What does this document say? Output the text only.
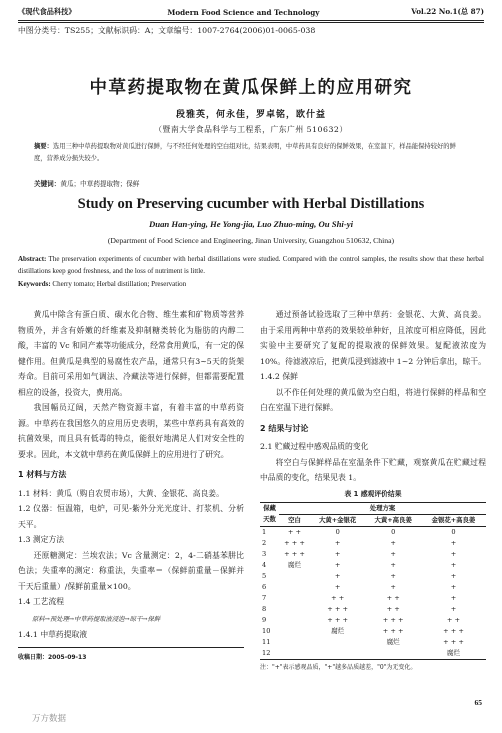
《现代食品科技》	Modern Food Science and Technology	Vol.22 No.1(总 87)
中图分类号：TS255；文献标识码：A；文章编号：1007-2764(2006)01-0065-038
中草药提取物在黄瓜保鲜上的应用研究
段雅英，何永佳，罗卓铭，欧什益
（暨南大学食品科学与工程系，广东广州 510632）
摘要：选用三种中草药提取物对黄瓜进行保鲜，与不经任何处理的空白组对比，结果表明，中草药具有良好的保鲜效果，在室温下，样品能保持较好的鲜度，营养成分损失较少。
关键词：黄瓜；中草药提取物；保鲜
Study on Preserving cucumber with Herbal Distillations
Duan Han-ying, He Yong-jia, Luo Zhuo-ming, Ou Shi-yi
(Department of Food Science and Engineering, Jinan University, Guangzhou 510632, China)
Abstract: The preservation experiments of cucumber with herbal distillations were studied. Compared with the control samples, the results show that these herbal distillations keep good freshness, and the loss of nutriment is little.
Keywords: Cherry tomato; Herbal distillation; Preservation

黄瓜中除含有蛋白质、碳水化合物、维生素和矿物质等营养物质外，并含有娇嫩的纤维素及抑制糖类转化为脂肪的内醇二酸，丰富的 Vc 和同产素等功能成分，经常食用黄瓜，有一定的保健作用。但黄瓜是典型的易腐性农产品，通常只有3~5天的货架寿命。目前可采用如气调法、冷藏法等进行保鲜，但都需要配置相应的设备，投资大，费用高。

我国幅员辽阔，天然产物资源丰富，有着丰富的中草药资源。中草药在我国悠久的应用历史表明，某些中草药具有高效的抗菌效果，而且具有低毒的特点，能很好地满足人们对安全性的要求。因此，本文就中草药在黄瓜保鲜上的应用进行了研究。

1 材料与方法

1.1 材料：黄瓜（购自农贸市场），大黄、金银花、高良姜。

1.2 仪器：恒温箱，电炉，可见-紫外分光光度计、打浆机、分析天平。

1.3 测定方法

还原糖测定：兰埃农法；Vc 含量测定：2，4-二硝基苯肼比色法；失重率的测定：称重法，失重率＝（保鲜前重量－保鲜并干天后重量）/保鲜前重量×100。

1.4 工艺流程

原料→预处理→中草药提取液浸泡→晾干→保鲜

1.4.1 中草药提取液

收稿日期：2005-09-13

通过预备试验选取了三种中草药：金银花、大黄、高良姜。由于采用两种中草药的效果较单种好，且浓度可相应降低，因此实验中主要研究了复配的提取液的保鲜效果。复配液浓度为 10%。待滤液凉后，把黄瓜浸到滤液中 1~2 分钟后拿出，晾干。

1.4.2 保鲜

以不作任何处理的黄瓜做为空白组，将进行保鲜的样品和空白在室温下进行保鲜。

2 结果与讨论

2.1 贮藏过程中感观品质的变化

将空白与保鲜样品在室温条件下贮藏，观察黄瓜在贮藏过程中品质的变化，结果见表 1。

表 1 感观评价结果
保藏	处理方案			
天数	空白	大黄+金银花	大黄+高良姜	金银花+高良姜
1	+ +	0	0	0
2	+ + +	+	+	+
3	+ + +	+	+	+
4	腐烂	+	+	+
5		+	+	+
6		+	+	+
7		+ +	+ +	+
8		+ + +	+ +	+
9		+ + +	+ + +	+ +
10		腐烂	+ + +	+ + +
11			腐烂	+ + +
12				腐烂
注："+"表示感观品质，"+"越多品质越差，"0"为无变化。
65
万方数据
